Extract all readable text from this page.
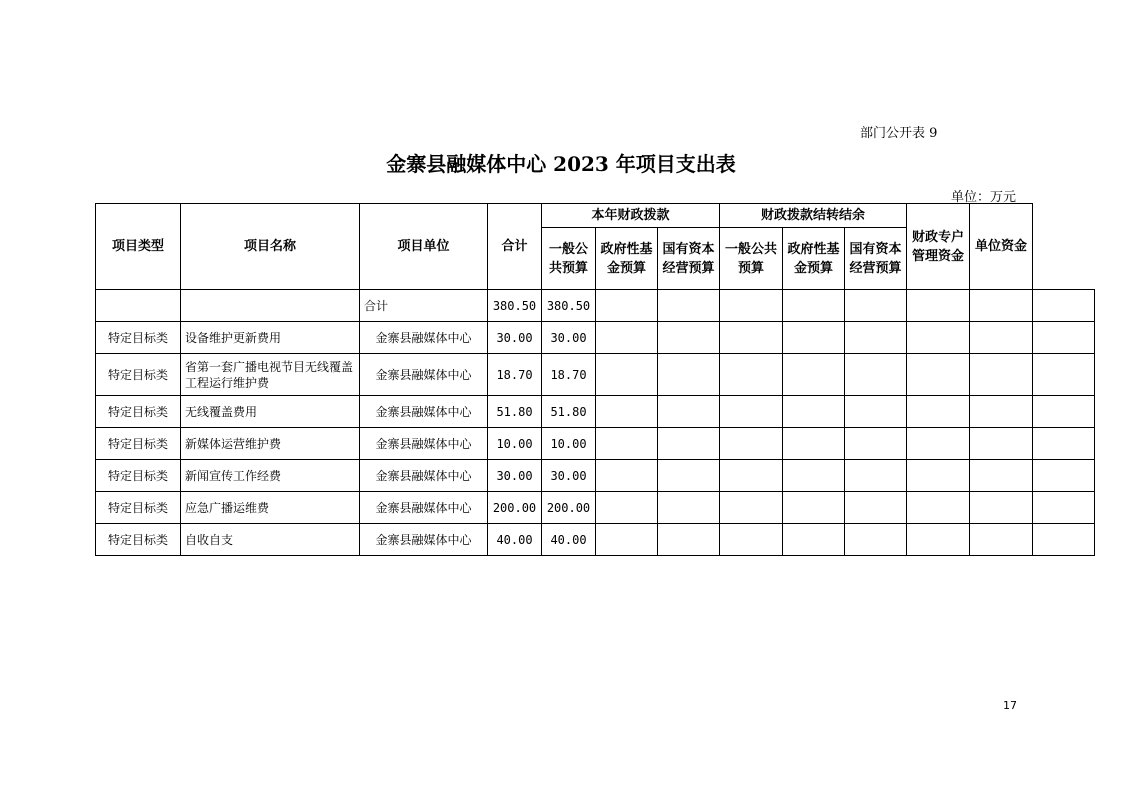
部门公开表 9
金寨县融媒体中心 2023 年项目支出表
单位：万元
项目类型	项目名称	项目单位	合计	本年财政拨款			财政拨款结转结余			财政专户管理资金	单位资金	
				一般公共预算	政府性基金预算	国有资本经营预算	一般公共预算	政府性基金预算	国有资本经营预算			
		合计	380.50	380.50								
特定目标类	设备维护更新费用	金寨县融媒体中心	30.00	30.00								
特定目标类	省第一套广播电视节目无线覆盖工程运行维护费	金寨县融媒体中心	18.70	18.70								
特定目标类	无线覆盖费用	金寨县融媒体中心	51.80	51.80								
特定目标类	新媒体运营维护费	金寨县融媒体中心	10.00	10.00								
特定目标类	新闻宣传工作经费	金寨县融媒体中心	30.00	30.00								
特定目标类	应急广播运维费	金寨县融媒体中心	200.00	200.00								
特定目标类	自收自支	金寨县融媒体中心	40.00	40.00								
17
